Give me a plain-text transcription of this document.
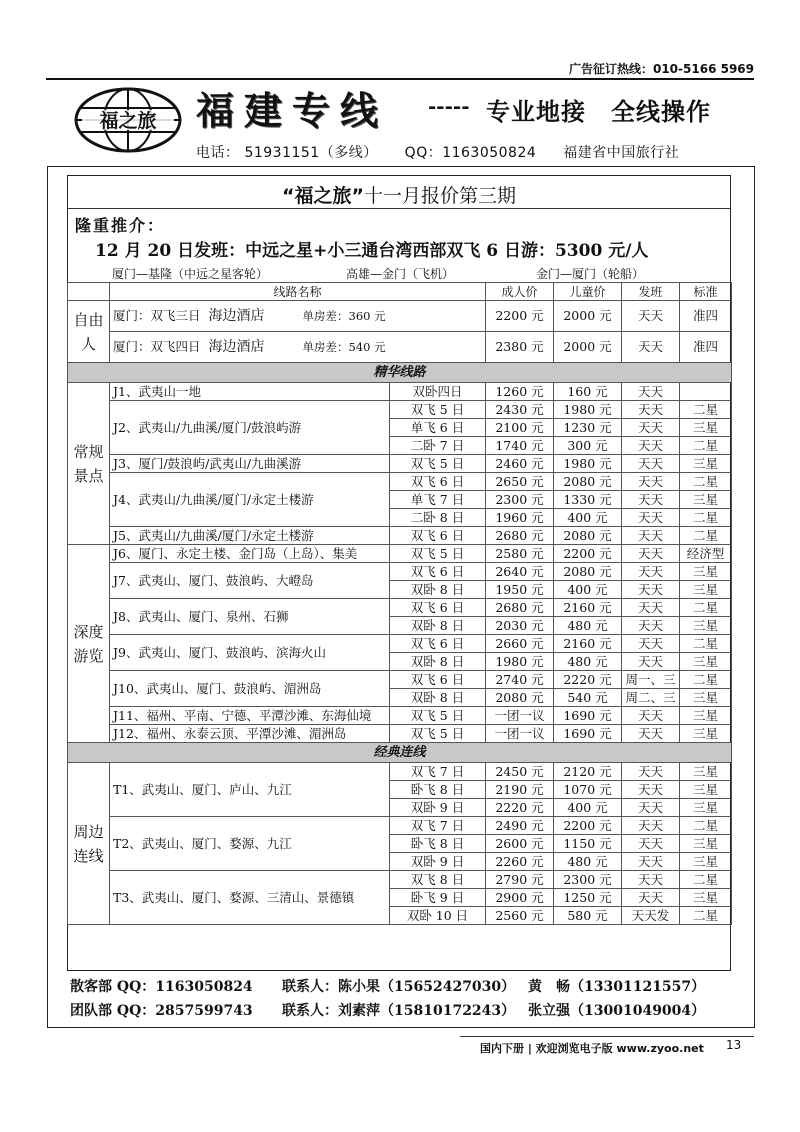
广告征订热线：010-5166 5969
福之旅 福建专线 ----- 专业地接　全线操作
电话： 51931151（多线） QQ：1163050824 福建省中国旅行社
“福之旅”十一月报价第三期
隆重推介：
12 月 20 日发班：中远之星+小三通台湾西部双飞 6 日游：5300 元/人
厦门—基隆（中远之星客轮）	高雄—金门（飞机）	金门—厦门（轮船）
	线路名称		成人价	儿童价	发班	标准
自由人	厦门：双飞三日 海边酒店 单房差：360 元		2200 元	2000 元	天天	准四
	厦门：双飞四日 海边酒店 单房差：540 元		2380 元	2000 元	天天	准四
精华线路						
常规景点	J1、武夷山一地	双卧四日	1260 元	160 元	天天	
	J2、武夷山/九曲溪/厦门/鼓浪屿游	双飞 5 日	2430 元	1980 元	天天	二星
		单飞 6 日	2100 元	1230 元	天天	三星
		二卧 7 日	1740 元	300 元	天天	二星
	J3、厦门/鼓浪屿/武夷山/九曲溪游	双飞 5 日	2460 元	1980 元	天天	三星
	J4、武夷山/九曲溪/厦门/永定土楼游	双飞 6 日	2650 元	2080 元	天天	二星
		单飞 7 日	2300 元	1330 元	天天	三星
		二卧 8 日	1960 元	400 元	天天	二星
	J5、武夷山/九曲溪/厦门/永定土楼游	双飞 6 日	2680 元	2080 元	天天	二星
深度游览	J6、厦门、永定土楼、金门岛（上岛）、集美	双飞 5 日	2580 元	2200 元	天天	经济型
	J7、武夷山、厦门、鼓浪屿、大嶝岛	双飞 6 日	2640 元	2080 元	天天	三星
		双卧 8 日	1950 元	400 元	天天	三星
	J8、武夷山、厦门、泉州、石狮	双飞 6 日	2680 元	2160 元	天天	二星
		双卧 8 日	2030 元	480 元	天天	三星
	J9、武夷山、厦门、鼓浪屿、滨海火山	双飞 6 日	2660 元	2160 元	天天	二星
		双卧 8 日	1980 元	480 元	天天	三星
	J10、武夷山、厦门、鼓浪屿、湄洲岛	双飞 6 日	2740 元	2220 元	周一、三	二星
		双卧 8 日	2080 元	540 元	周二、三	三星
	J11、福州、平南、宁德、平潭沙滩、东海仙境	双飞 5 日	一团一议	1690 元	天天	三星
	J12、福州、永泰云顶、平潭沙滩、湄洲岛	双飞 5 日	一团一议	1690 元	天天	三星
经典连线						
周边连线	T1、武夷山、厦门、庐山、九江	双飞 7 日	2450 元	2120 元	天天	三星
		卧飞 8 日	2190 元	1070 元	天天	三星
		双卧 9 日	2220 元	400 元	天天	三星
	T2、武夷山、厦门、婺源、九江	双飞 7 日	2490 元	2200 元	天天	二星
		卧飞 8 日	2600 元	1150 元	天天	三星
		双卧 9 日	2260 元	480 元	天天	三星
	T3、武夷山、厦门、婺源、三清山、景德镇	双飞 8 日	2790 元	2300 元	天天	二星
		卧飞 9 日	2900 元	1250 元	天天	三星
		双卧 10 日	2560 元	580 元	天天发	二星
散客部 QQ：1163050824 联系人：陈小果（15652427030） 黄　畅（13301121557）
团队部 QQ：2857599743 联系人：刘素萍（15810172243） 张立强（13001049004）
国内下册 | 欢迎浏览电子版 www.zyoo.net 13
